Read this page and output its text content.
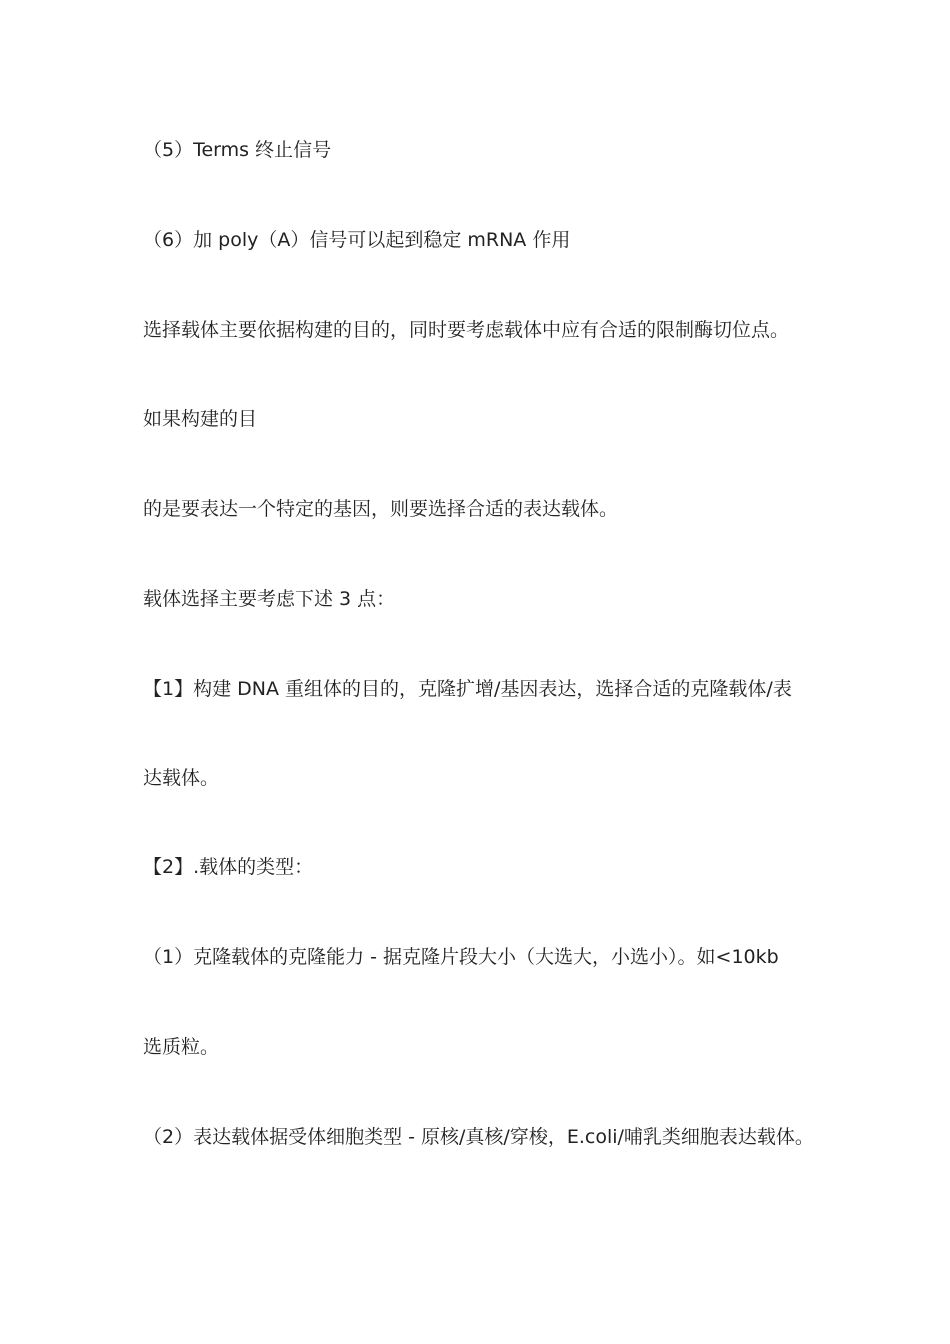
（5）Terms 终止信号
（6）加 poly（A）信号可以起到稳定 mRNA 作用
选择载体主要依据构建的目的，同时要考虑载体中应有合适的限制酶切位点。
如果构建的目
的是要表达一个特定的基因，则要选择合适的表达载体。
载体选择主要考虑下述 3 点：
【1】构建 DNA 重组体的目的，克隆扩增/基因表达，选择合适的克隆载体/表
达载体。
【2】.载体的类型：
（1）克隆载体的克隆能力 - 据克隆片段大小（大选大，小选小）。如<10kb
选质粒。
（2）表达载体据受体细胞类型 - 原核/真核/穿梭，E.coli/哺乳类细胞表达载体。
